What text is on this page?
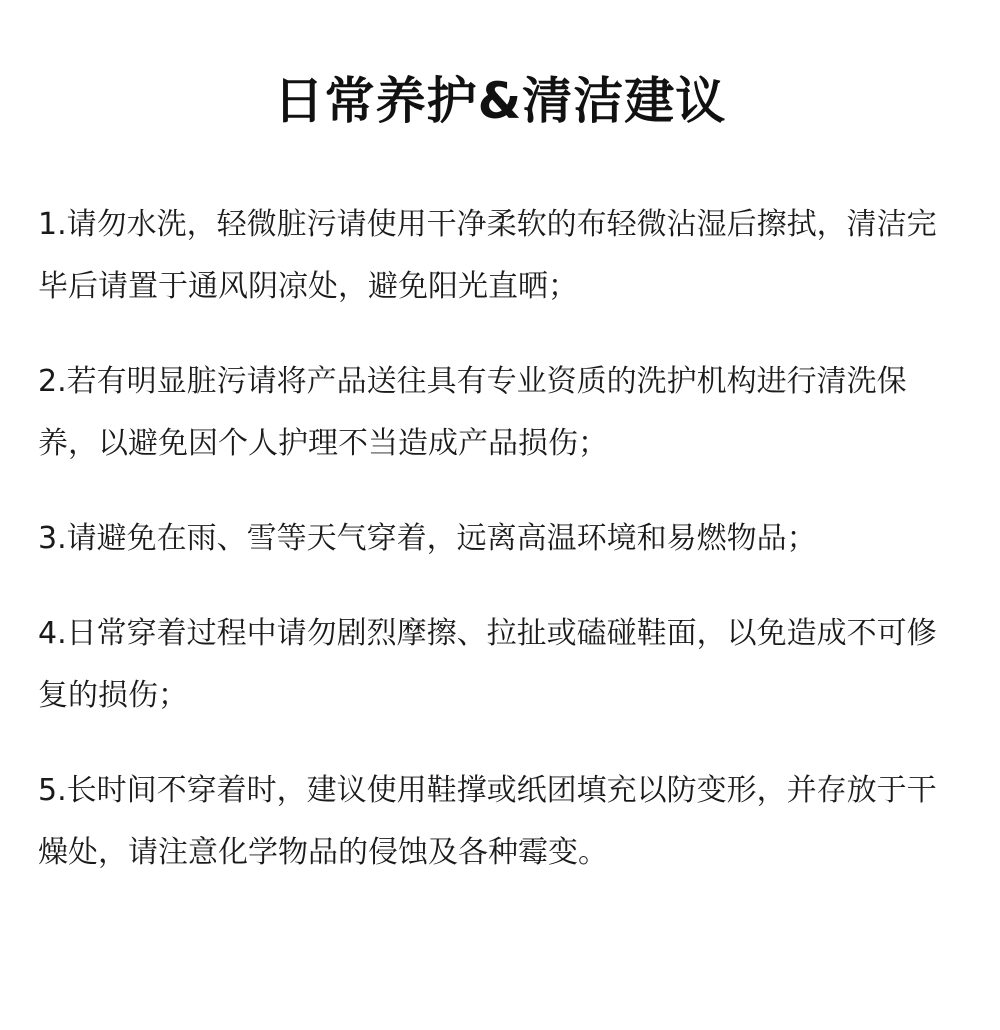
日常养护&清洁建议

1.请勿水洗，轻微脏污请使用干净柔软的布轻微沾湿后擦拭，清洁完毕后请置于通风阴凉处，避免阳光直晒；

2.若有明显脏污请将产品送往具有专业资质的洗护机构进行清洗保养，以避免因个人护理不当造成产品损伤；

3.请避免在雨、雪等天气穿着，远离高温环境和易燃物品；

4.日常穿着过程中请勿剧烈摩擦、拉扯或磕碰鞋面，以免造成不可修复的损伤；

5.长时间不穿着时，建议使用鞋撑或纸团填充以防变形，并存放于干燥处，请注意化学物品的侵蚀及各种霉变。
